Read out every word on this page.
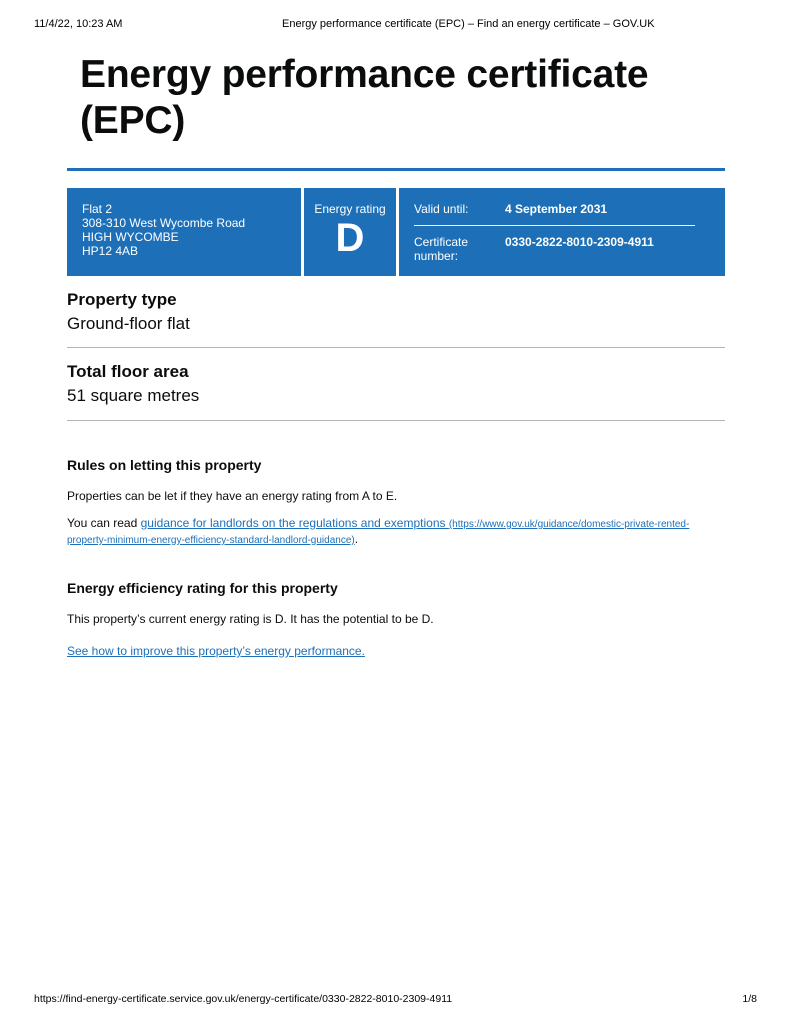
11/4/22, 10:23 AM	Energy performance certificate (EPC) – Find an energy certificate – GOV.UK
Energy performance certificate (EPC)
Flat 2
308-310 West Wycombe Road
HIGH WYCOMBE
HP12 4AB
Energy rating
D
Valid until:	4 September 2031
Certificate
number:
0330-2822-8010-2309-4911
Property type
Ground-floor flat
Total floor area
51 square metres
Rules on letting this property
Properties can be let if they have an energy rating from A to E.
You can read guidance for landlords on the regulations and exemptions (https://www.gov.uk/guidance/domestic-private-rented-property-minimum-energy-efficiency-standard-landlord-guidance).
Energy efficiency rating for this property
This property’s current energy rating is D. It has the potential to be D.
See how to improve this property’s energy performance.
https://find-energy-certificate.service.gov.uk/energy-certificate/0330-2822-8010-2309-4911	1/8
